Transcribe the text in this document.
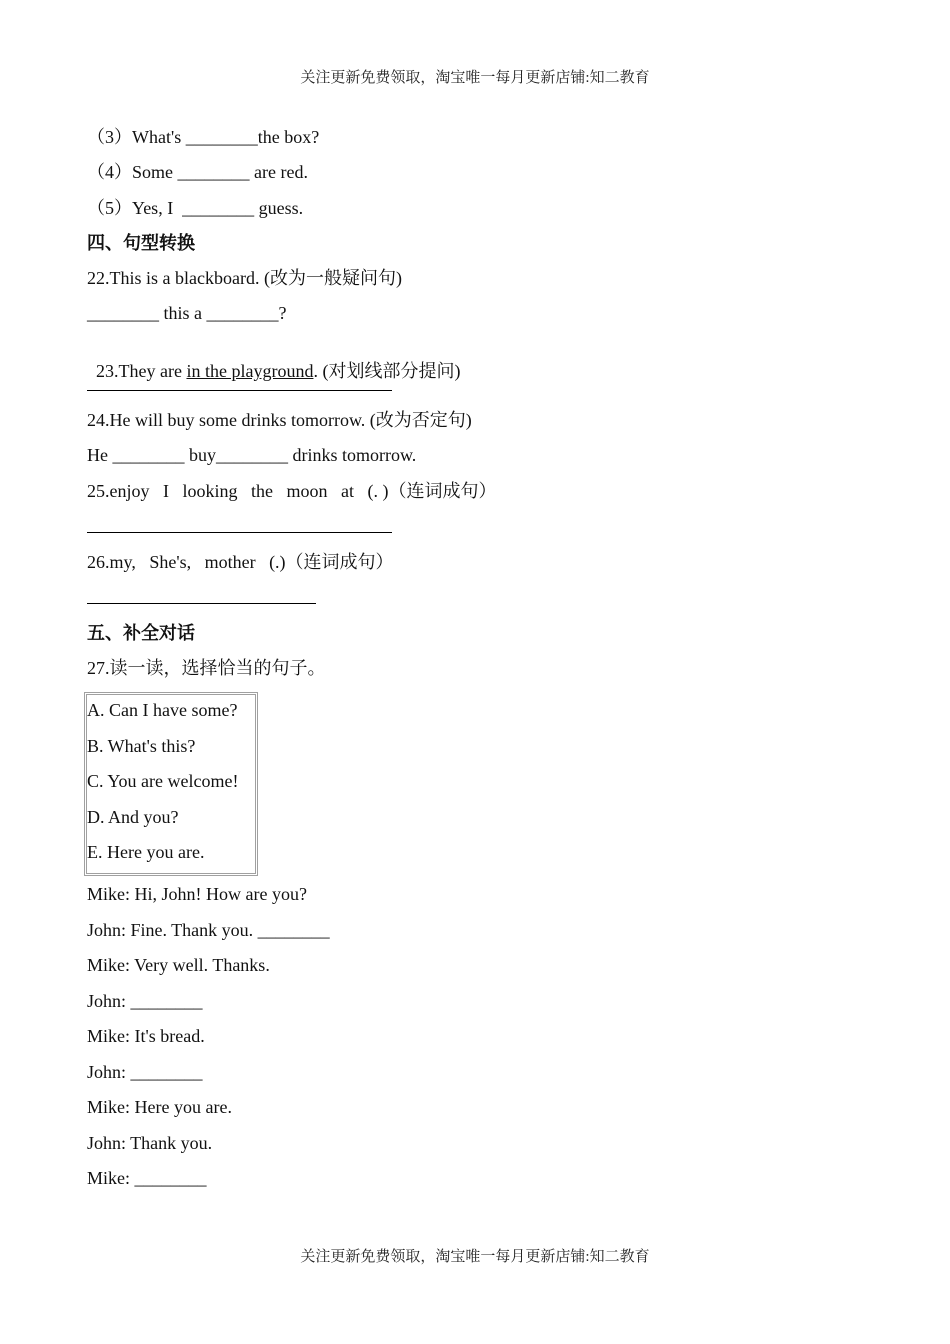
关注更新免费领取，淘宝唯一每月更新店铺:知二教育
（3）What's ________the box?
（4）Some ________ are red.
（5）Yes, I  ________ guess.
四、句型转换
22.This is a blackboard. (改为一般疑问句)
________ this a ________?

23.They are in the playground. (对划线部分提问)

24.He will buy some drinks tomorrow. (改为否定句)
He ________ buy________ drinks tomorrow.
25.enjoy   I   looking   the   moon   at   (. )（连词成句）
26.my,   She's,   mother   (.)（连词成句）
五、补全对话
27.读一读，选择恰当的句子。
A. Can I have some?
B. What's this?
C. You are welcome!
D. And you?
E. Here you are.
Mike: Hi, John! How are you?
John: Fine. Thank you. ________
Mike: Very well. Thanks.
John: ________
Mike: It's bread.
John: ________
Mike: Here you are.
John: Thank you.
Mike: ________
关注更新免费领取，淘宝唯一每月更新店铺:知二教育
